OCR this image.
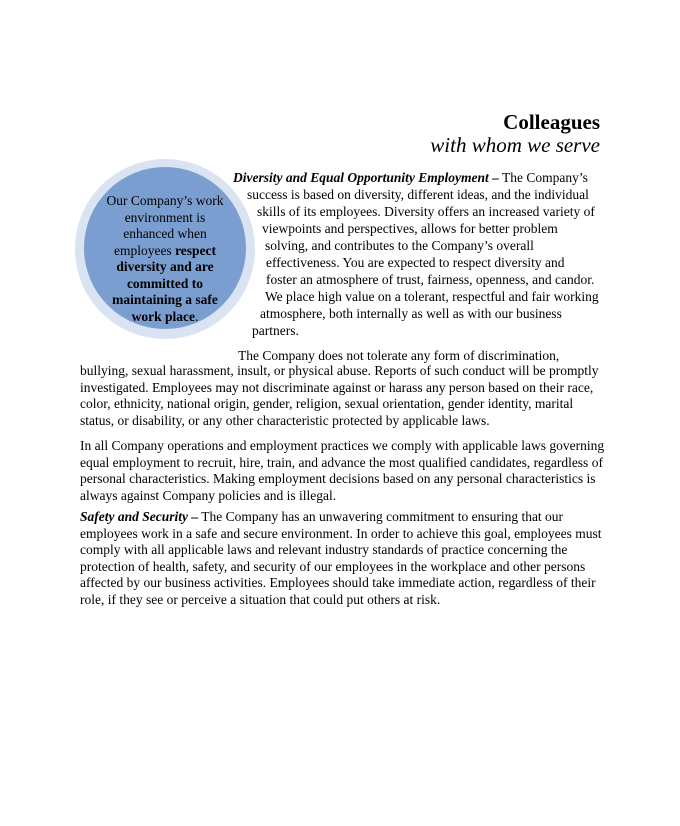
Colleagues
with whom we serve
Our Company’s work environment is enhanced when employees respect diversity and are committed to maintaining a safe work place.
Diversity and Equal Opportunity Employment – The Company’s
success is based on diversity, different ideas, and the individual
skills of its employees. Diversity offers an increased variety of
viewpoints and perspectives, allows for better problem
solving, and contributes to the Company’s overall
effectiveness. You are expected to respect diversity and
foster an atmosphere of trust, fairness, openness, and candor.
We place high value on a tolerant, respectful and fair working
atmosphere, both internally as well as with our business
partners.
The Company does not tolerate any form of discrimination,
bullying, sexual harassment, insult, or physical abuse. Reports of such conduct will be promptly investigated. Employees may not discriminate against or harass any person based on their race, color, ethnicity, national origin, gender, religion, sexual orientation, gender identity, marital status, or disability, or any other characteristic protected by applicable laws.
In all Company operations and employment practices we comply with applicable laws governing equal employment to recruit, hire, train, and advance the most qualified candidates, regardless of personal characteristics. Making employment decisions based on any personal characteristics is always against Company policies and is illegal.
Safety and Security – The Company has an unwavering commitment to ensuring that our employees work in a safe and secure environment. In order to achieve this goal, employees must comply with all applicable laws and relevant industry standards of practice concerning the protection of health, safety, and security of our employees in the workplace and other persons affected by our business activities. Employees should take immediate action, regardless of their role, if they see or perceive a situation that could put others at risk.
